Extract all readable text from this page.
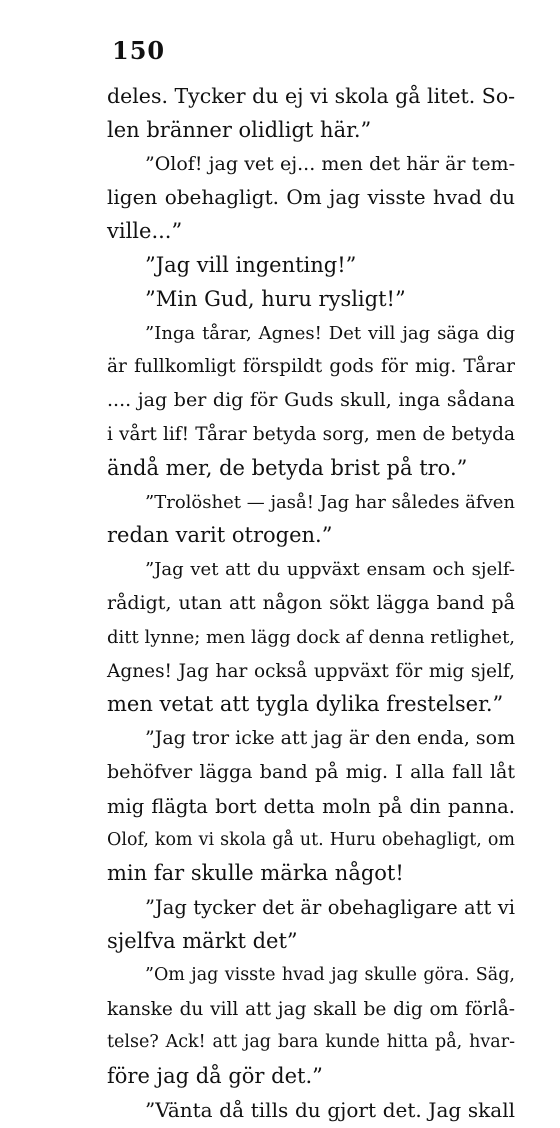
150
deles. Tycker du ej vi skola gå litet. So-
len bränner olidligt här.”
”Olof! jag vet ej... men det här är tem-
ligen obehagligt. Om jag visste hvad du
ville...”
”Jag vill ingenting!”
”Min Gud, huru rysligt!”
”Inga tårar, Agnes! Det vill jag säga dig
är fullkomligt förspildt gods för mig. Tårar
.... jag ber dig för Guds skull, inga sådana
i vårt lif! Tårar betyda sorg, men de betyda
ändå mer, de betyda brist på tro.”
”Trolöshet — jaså! Jag har således äfven
redan varit otrogen.”
”Jag vet att du uppväxt ensam och sjelf-
rådigt, utan att någon sökt lägga band på
ditt lynne; men lägg dock af denna retlighet,
Agnes! Jag har också uppväxt för mig sjelf,
men vetat att tygla dylika frestelser.”
”Jag tror icke att jag är den enda, som
behöfver lägga band på mig. I alla fall låt
mig flägta bort detta moln på din panna.
Olof, kom vi skola gå ut. Huru obehagligt, om
min far skulle märka något!
”Jag tycker det är obehagligare att vi
sjelfva märkt det”
”Om jag visste hvad jag skulle göra. Säg,
kanske du vill att jag skall be dig om förlå-
telse? Ack! att jag bara kunde hitta på, hvar-
före jag då gör det.”
”Vänta då tills du gjort det. Jag skall
